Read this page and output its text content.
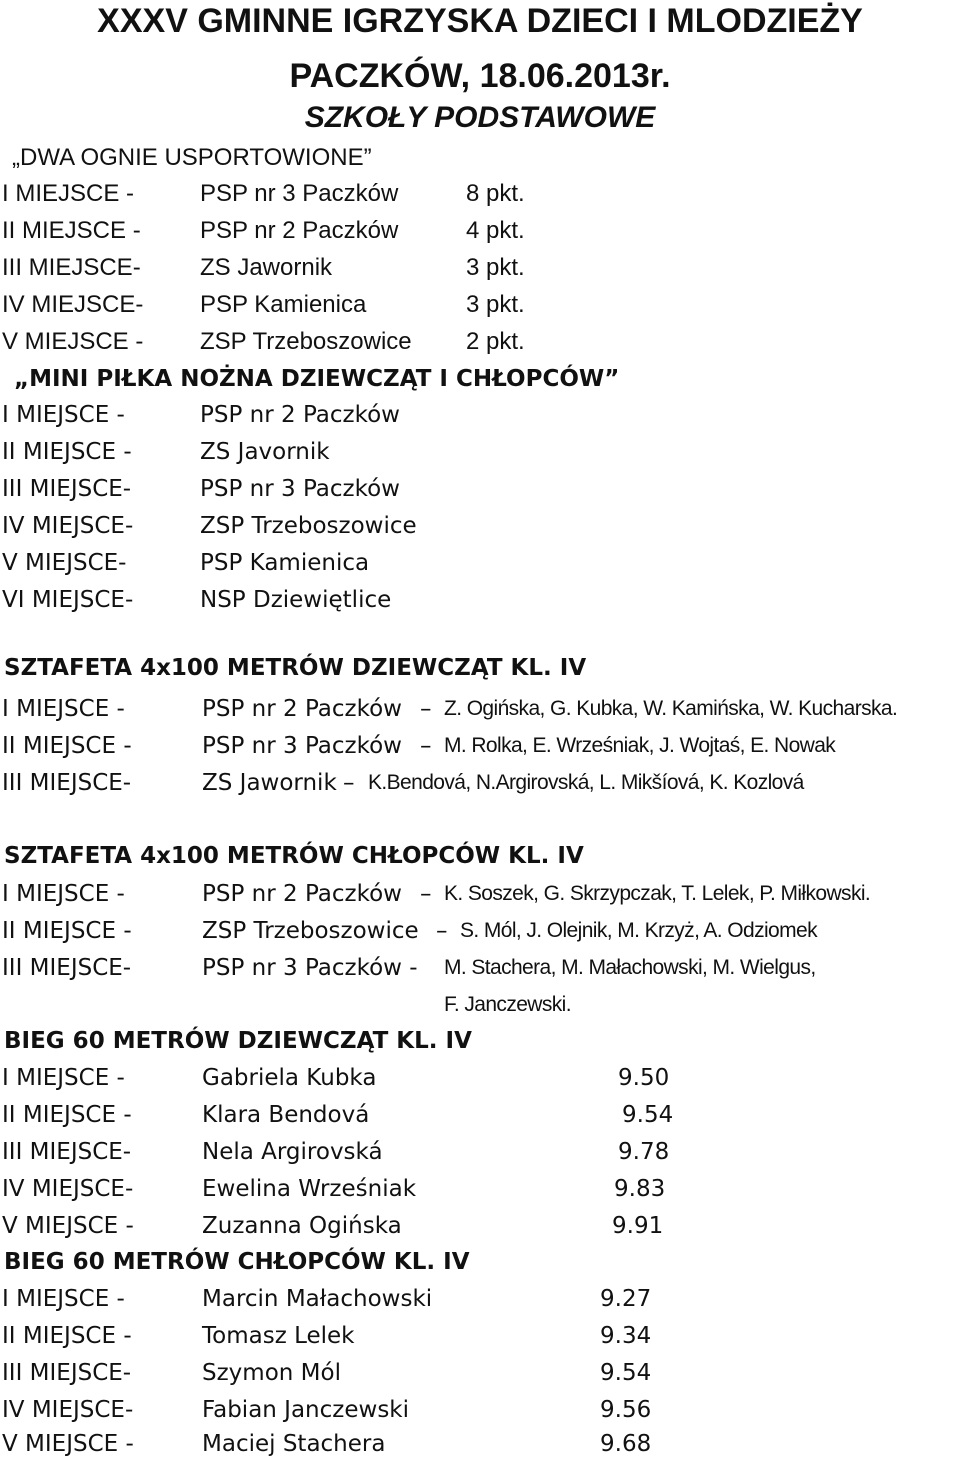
XXXV GMINNE IGRZYSKA DZIECI I MLODZIEŻY
PACZKÓW, 18.06.2013r.
SZKOŁY PODSTAWOWE
„DWA OGNIE USPORTOWIONE”
I MIEJSCE -	PSP nr 3 Paczków	8 pkt.
II MIEJSCE - PSP nr 2 Paczków	4 pkt.
III MIEJSCE- ZS Jawornik	3 pkt.
IV MIEJSCE- PSP Kamienica	3 pkt.
V MIEJSCE - ZSP Trzeboszowice 2 pkt.
„MINI PIŁKA NOŻNA DZIEWCZĄT I CHŁOPCÓW”
I MIEJSCE -	PSP nr 2 Paczków
II MIEJSCE -	ZS Javornik
III MIEJSCE-	PSP nr 3 Paczków
IV MIEJSCE-	ZSP Trzeboszowice
V MIEJSCE-	PSP Kamienica
VI MIEJSCE-	NSP Dziewiętlice
SZTAFETA 4x100 METRÓW DZIEWCZĄT KL. IV
I MIEJSCE -	PSP nr 2 Paczków – Z. Ogińska, G. Kubka, W. Kamińska, W. Kucharska.
II MIEJSCE -	PSP nr 3 Paczków – M. Rolka, E. Wrześniak, J. Wojtaś, E. Nowak
III MIEJSCE-	ZS Jawornik – K.Bendová, N.Argirovská, L. Mikšíová, K. Kozlová
SZTAFETA 4x100 METRÓW CHŁOPCÓW KL. IV
I MIEJSCE -	PSP nr 2 Paczków – K. Soszek, G. Skrzypczak, T. Lelek, P. Miłkowski.
II MIEJSCE -	ZSP Trzeboszowice – S. Mól, J. Olejnik, M. Krzyż, A. Odziomek
III MIEJSCE-	PSP nr 3 Paczków - M. Stachera, M. Małachowski, M. Wielgus,
F. Janczewski.
BIEG 60 METRÓW DZIEWCZĄT KL. IV
I MIEJSCE -	Gabriela Kubka	9.50
II MIEJSCE -	Klara Bendová	9.54
III MIEJSCE-	Nela Argirovská	9.78
IV MIEJSCE-	Ewelina Wrześniak	9.83
V MIEJSCE -	Zuzanna Ogińska	9.91
BIEG 60 METRÓW CHŁOPCÓW KL. IV
I MIEJSCE -	Marcin Małachowski	9.27
II MIEJSCE -	Tomasz Lelek	9.34
III MIEJSCE-	Szymon Mól	9.54
IV MIEJSCE-	Fabian Janczewski	9.56
V MIEJSCE -	Maciej Stachera	9.68
